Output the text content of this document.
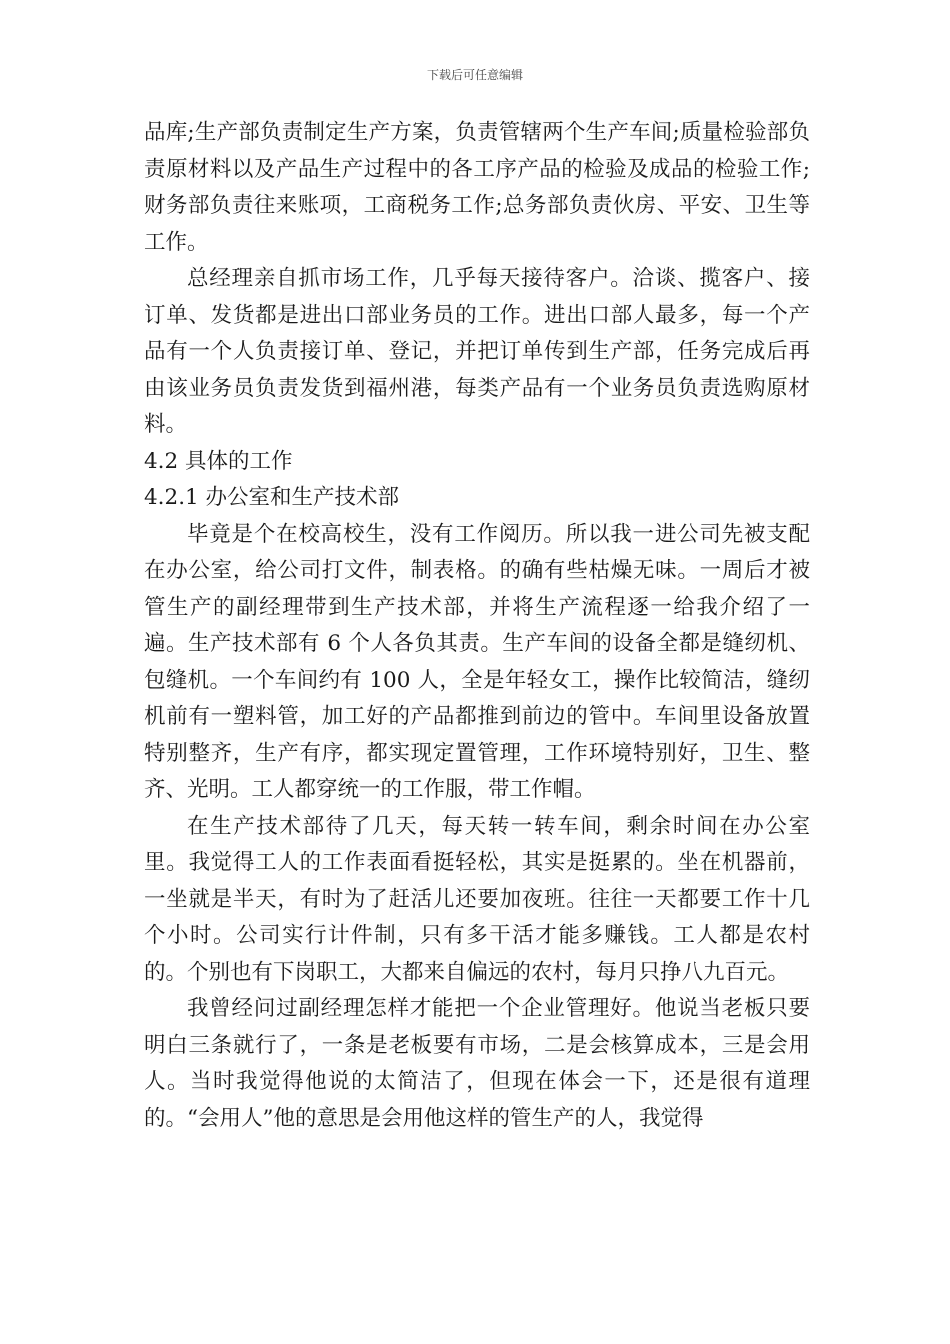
下载后可任意编辑

品库;生产部负责制定生产方案，负责管辖两个生产车间;质量检验部负责原材料以及产品生产过程中的各工序产品的检验及成品的检验工作;财务部负责往来账项，工商税务工作;总务部负责伙房、平安、卫生等工作。

总经理亲自抓市场工作，几乎每天接待客户。洽谈、揽客户、接订单、发货都是进出口部业务员的工作。进出口部人最多，每一个产品有一个人负责接订单、登记，并把订单传到生产部，任务完成后再由该业务员负责发货到福州港，每类产品有一个业务员负责选购原材料。

4.2 具体的工作

4.2.1 办公室和生产技术部

毕竟是个在校高校生，没有工作阅历。所以我一进公司先被支配在办公室，给公司打文件，制表格。的确有些枯燥无味。一周后才被管生产的副经理带到生产技术部，并将生产流程逐一给我介绍了一遍。生产技术部有 6 个人各负其责。生产车间的设备全都是缝纫机、包缝机。一个车间约有 100 人，全是年轻女工，操作比较简洁，缝纫机前有一塑料管，加工好的产品都推到前边的管中。车间里设备放置特别整齐，生产有序，都实现定置管理，工作环境特别好，卫生、整齐、光明。工人都穿统一的工作服，带工作帽。

在生产技术部待了几天，每天转一转车间，剩余时间在办公室里。我觉得工人的工作表面看挺轻松，其实是挺累的。坐在机器前，一坐就是半天，有时为了赶活儿还要加夜班。往往一天都要工作十几个小时。公司实行计件制，只有多干活才能多赚钱。工人都是农村的。个别也有下岗职工，大都来自偏远的农村，每月只挣八九百元。

我曾经问过副经理怎样才能把一个企业管理好。他说当老板只要明白三条就行了，一条是老板要有市场，二是会核算成本，三是会用人。当时我觉得他说的太简洁了，但现在体会一下，还是很有道理的。“会用人”他的意思是会用他这样的管生产的人，我觉得
